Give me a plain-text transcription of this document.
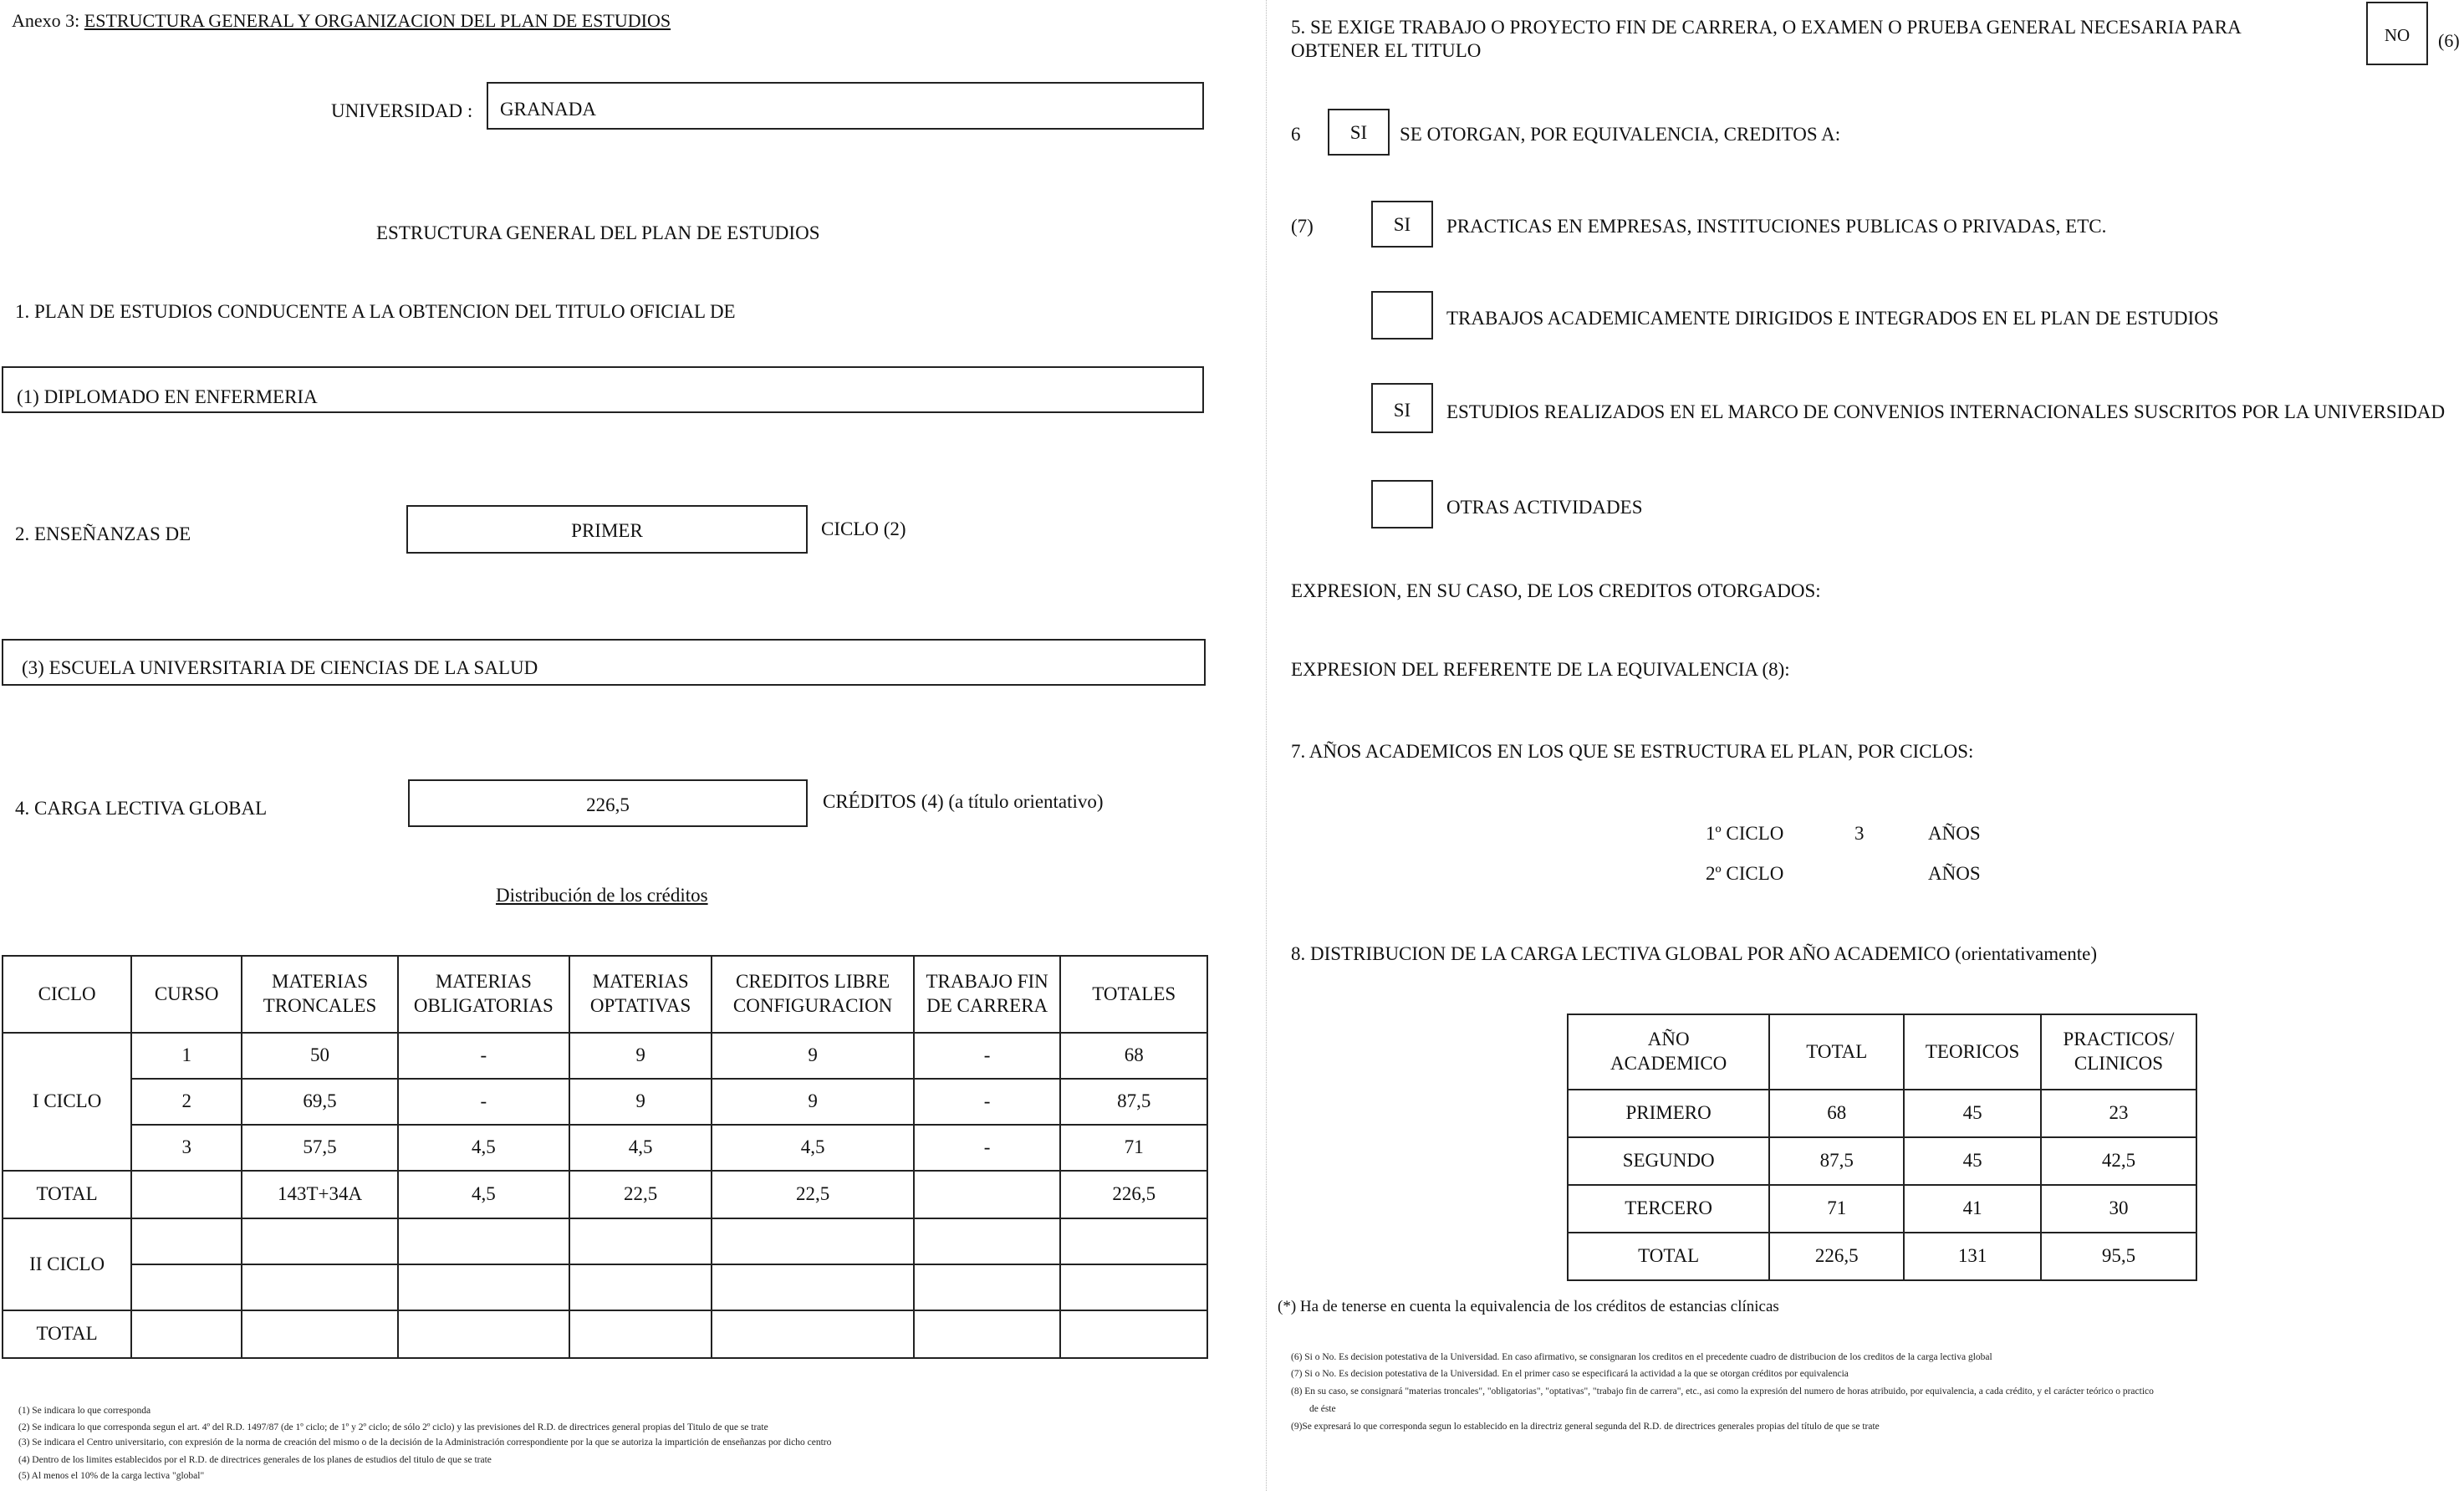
Anexo 3: ESTRUCTURA GENERAL Y ORGANIZACION DEL PLAN DE ESTUDIOS
UNIVERSIDAD : GRANADA
ESTRUCTURA GENERAL DEL PLAN DE ESTUDIOS
1. PLAN DE ESTUDIOS CONDUCENTE A LA OBTENCION DEL TITULO OFICIAL DE
(1) DIPLOMADO EN ENFERMERIA
2. ENSEÑANZAS DE	PRIMER	CICLO (2)
(3) ESCUELA UNIVERSITARIA DE CIENCIAS DE LA SALUD
4. CARGA LECTIVA GLOBAL	226,5	CRÉDITOS (4) (a título orientativo)
Distribución de los créditos
CICLO	CURSO	MATERIAS TRONCALES	MATERIAS OBLIGATORIAS	MATERIAS OPTATIVAS	CREDITOS LIBRE CONFIGURACION	TRABAJO FIN DE CARRERA	TOTALES
I CICLO	1	50	-	9	9	-	68
	2	69,5	-	9	9	-	87,5
	3	57,5	4,5	4,5	4,5	-	71
TOTAL		143T+34A	4,5	22,5	22,5		226,5
II CICLO							

TOTAL							
(1) Se indicara lo que corresponda
(2) Se indicara lo que corresponda segun el art. 4º del R.D. 1497/87 (de 1º ciclo; de 1º y 2º ciclo; de sólo 2º ciclo) y las previsiones del R.D. de directrices general propias del Titulo de que se trate
(3) Se indicara el Centro universitario, con expresión de la norma de creación del mismo o de la decisión de la Administración correspondiente por la que se autoriza la impartición de enseñanzas por dicho centro
(4) Dentro de los limites establecidos por el R.D. de directrices generales de los planes de estudios del titulo de que se trate
(5) Al menos el 10% de la carga lectiva "global"
5. SE EXIGE TRABAJO O PROYECTO FIN DE CARRERA, O EXAMEN O PRUEBA GENERAL NECESARIA PARA
OBTENER EL TITULO
NO	(6)
6	SI	SE OTORGAN, POR EQUIVALENCIA, CREDITOS A:
(7)	SI	PRACTICAS EN EMPRESAS, INSTITUCIONES PUBLICAS O PRIVADAS, ETC.
TRABAJOS ACADEMICAMENTE DIRIGIDOS E INTEGRADOS EN EL PLAN DE ESTUDIOS
SI	ESTUDIOS REALIZADOS EN EL MARCO DE CONVENIOS INTERNACIONALES SUSCRITOS POR LA UNIVERSIDAD
OTRAS ACTIVIDADES
EXPRESION, EN SU CASO, DE LOS CREDITOS OTORGADOS:
EXPRESION DEL REFERENTE DE LA EQUIVALENCIA (8):
7. AÑOS ACADEMICOS EN LOS QUE SE ESTRUCTURA EL PLAN, POR CICLOS:
1º CICLO	3	AÑOS
2º CICLO	AÑOS
8. DISTRIBUCION DE LA CARGA LECTIVA GLOBAL POR AÑO ACADEMICO (orientativamente)
AÑO ACADEMICO	TOTAL	TEORICOS	PRACTICOS/ CLINICOS
PRIMERO	68	45	23
SEGUNDO	87,5	45	42,5
TERCERO	71	41	30
TOTAL	226,5	131	95,5
(*) Ha de tenerse en cuenta la equivalencia de los créditos de estancias clínicas
(6) Si o No. Es decision potestativa de la Universidad. En caso afirmativo, se consignaran los creditos en el precedente cuadro de distribucion de los creditos de la carga lectiva global
(7) Si o No. Es decision potestativa de la Universidad. En el primer caso se especificará la actividad a la que se otorgan créditos por equivalencia
(8) En su caso, se consignará "materias troncales", "obligatorias", "optativas", "trabajo fin de carrera", etc., asi como la expresión del numero de horas atribuido, por equivalencia, a cada crédito, y el carácter teórico o practico
de éste
(9)Se expresará lo que corresponda segun lo establecido en la directriz general segunda del R.D. de directrices generales propias del título de que se trate
